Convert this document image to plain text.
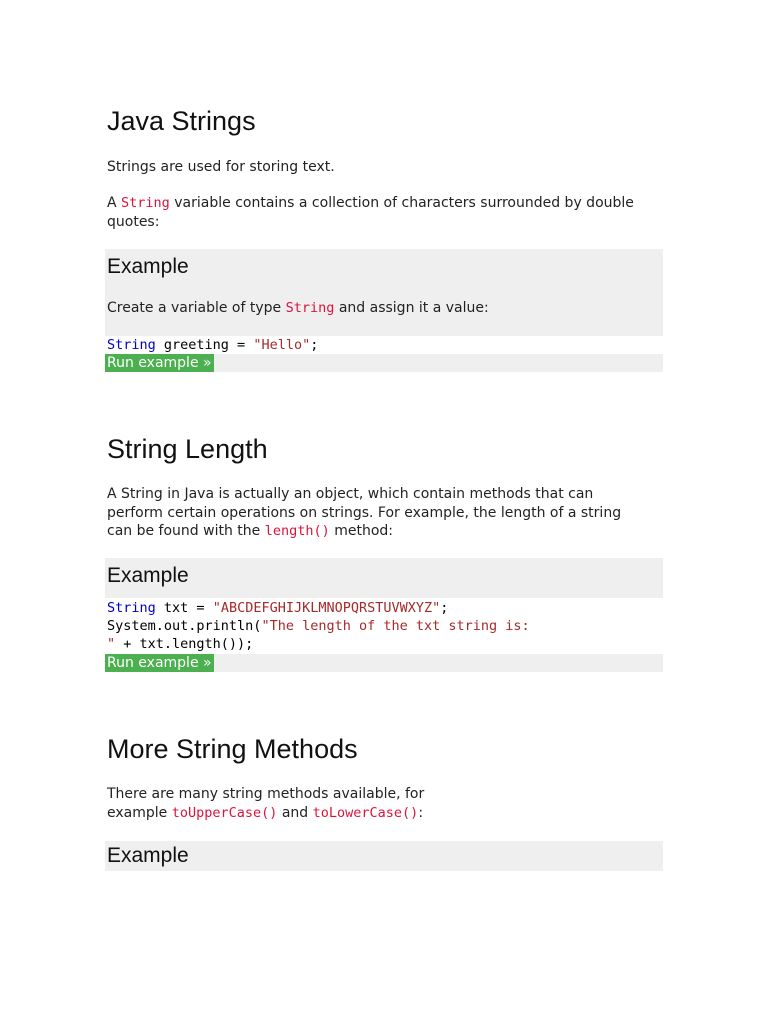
Java Strings

Strings are used for storing text.

A String variable contains a collection of characters surrounded by double
quotes:

Example
Create a variable of type String and assign it a value:
String greeting = "Hello";
Run example »
String Length

A String in Java is actually an object, which contain methods that can
perform certain operations on strings. For example, the length of a string
can be found with the length() method:

Example
String txt = "ABCDEFGHIJKLMNOPQRSTUVWXYZ";
System.out.println("The length of the txt string is:
" + txt.length());
Run example »
More String Methods

There are many string methods available, for
example toUpperCase() and toLowerCase():

Example
